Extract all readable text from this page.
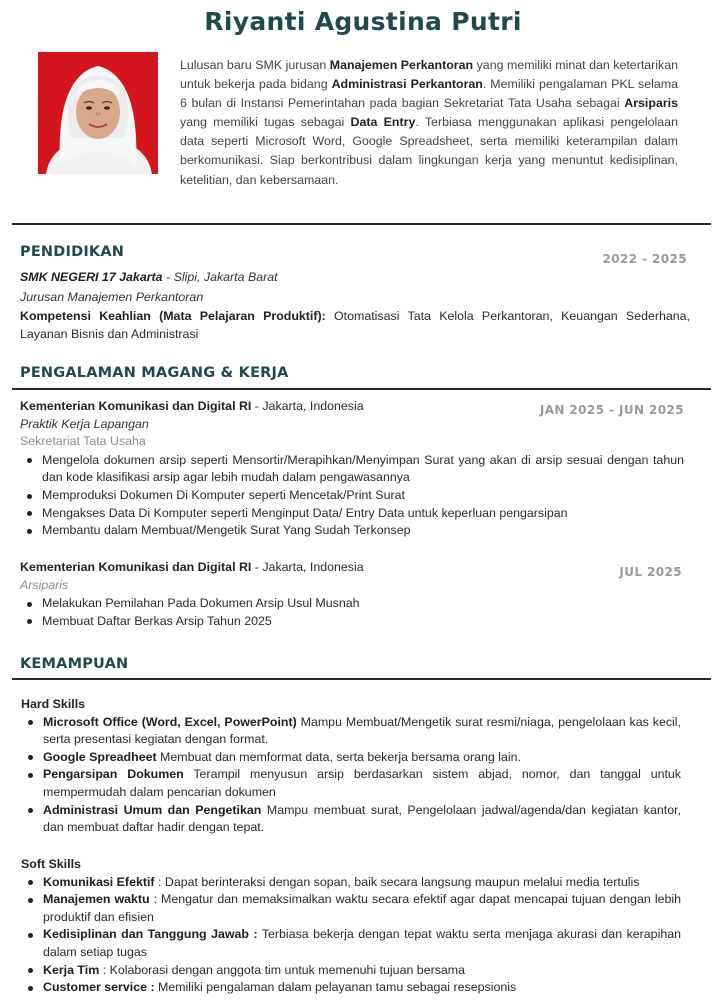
Riyanti Agustina Putri
Lulusan baru SMK jurusan Manajemen Perkantoran yang memiliki minat dan ketertarikan untuk bekerja pada bidang Administrasi Perkantoran. Memiliki pengalaman PKL selama 6 bulan di Instansi Pemerintahan pada bagian Sekretariat Tata Usaha sebagai Arsiparis yang memiliki tugas sebagai Data Entry. Terbiasa menggunakan aplikasi pengelolaan data seperti Microsoft Word, Google Spreadsheet, serta memiliki keterampilan dalam berkomunikasi. Siap berkontribusi dalam lingkungan kerja yang menuntut kedisiplinan, ketelitian, dan kebersamaan.
PENDIDIKAN	2022 - 2025
SMK NEGERI 17 Jakarta - Slipi, Jakarta Barat
Jurusan Manajemen Perkantoran
Kompetensi Keahlian (Mata Pelajaran Produktif): Otomatisasi Tata Kelola Perkantoran, Keuangan Sederhana, Layanan Bisnis dan Administrasi
PENGALAMAN MAGANG & KERJA
JAN 2025 - JUN 2025
Kementerian Komunikasi dan Digital RI - Jakarta, Indonesia
Praktik Kerja Lapangan
Sekretariat Tata Usaha
Mengelola dokumen arsip seperti Mensortir/Merapihkan/Menyimpan Surat yang akan di arsip sesuai dengan tahun dan kode klasifikasi arsip agar lebih mudah dalam pengawasannya
Memproduksi Dokumen Di Komputer seperti Mencetak/Print Surat
Mengakses Data Di Komputer seperti Menginput Data/ Entry Data untuk keperluan pengarsipan
Membantu dalam Membuat/Mengetik Surat Yang Sudah Terkonsep
JUL 2025
Kementerian Komunikasi dan Digital RI - Jakarta, Indonesia
Arsiparis
Melakukan Pemilahan Pada Dokumen Arsip Usul Musnah
Membuat Daftar Berkas Arsip Tahun 2025
KEMAMPUAN
Hard Skills
Microsoft Office (Word, Excel, PowerPoint) Mampu Membuat/Mengetik surat resmi/niaga, pengelolaan kas kecil, serta presentasi kegiatan dengan format.
Google Spreadheet Membuat dan memformat data, serta bekerja bersama orang lain.
Pengarsipan Dokumen Terampil menyusun arsip berdasarkan sistem abjad, nomor, dan tanggal untuk mempermudah dalam pencarian dokumen
Administrasi Umum dan Pengetikan Mampu membuat surat, Pengelolaan jadwal/agenda/dan kegiatan kantor, dan membuat daftar hadir dengan tepat.
Soft Skills
Komunikasi Efektif : Dapat berinteraksi dengan sopan, baik secara langsung maupun melalui media tertulis
Manajemen waktu : Mengatur dan memaksimalkan waktu secara efektif agar dapat mencapai tujuan dengan lebih produktif dan efisien
Kedisiplinan dan Tanggung Jawab : Terbiasa bekerja dengan tepat waktu serta menjaga akurasi dan kerapihan dalam setiap tugas
Kerja Tim : Kolaborasi dengan anggota tim untuk memenuhi tujuan bersama
Customer service : Memiliki pengalaman dalam pelayanan tamu sebagai resepsionis
